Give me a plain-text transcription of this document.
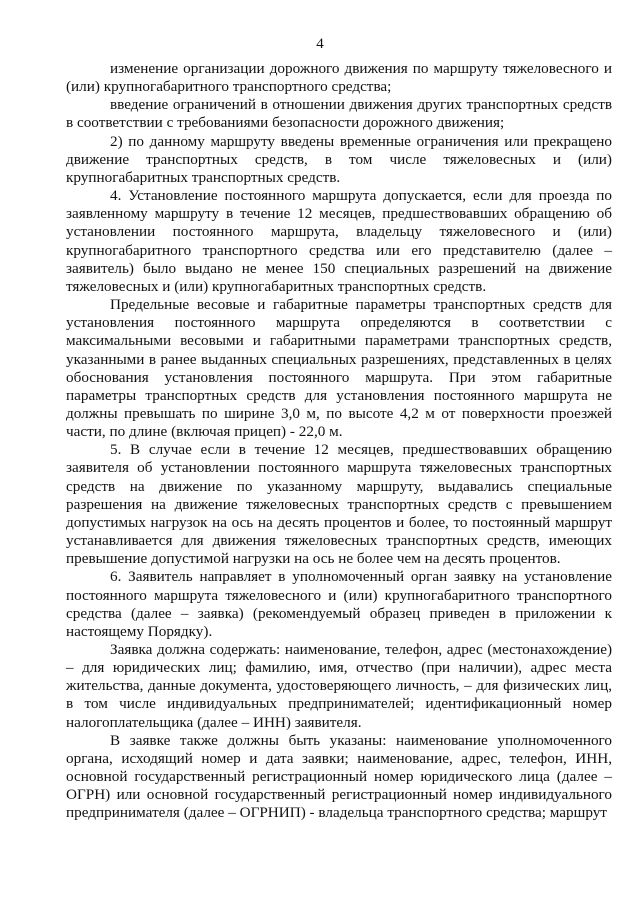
4

изменение организации дорожного движения по маршруту тяжеловесного и (или) крупногабаритного транспортного средства;

введение ограничений в отношении движения других транспортных средств в соответствии с требованиями безопасности дорожного движения;

2) по данному маршруту введены временные ограничения или прекращено движение транспортных средств, в том числе тяжеловесных и (или) крупногабаритных транспортных средств.

4. Установление постоянного маршрута допускается, если для проезда по заявленному маршруту в течение 12 месяцев, предшествовавших обращению об установлении постоянного маршрута, владельцу тяжеловесного и (или) крупногабаритного транспортного средства или его представителю (далее – заявитель) было выдано не менее 150 специальных разрешений на движение тяжеловесных и (или) крупногабаритных транспортных средств.

Предельные весовые и габаритные параметры транспортных средств для установления постоянного маршрута определяются в соответствии с максимальными весовыми и габаритными параметрами транспортных средств, указанными в ранее выданных специальных разрешениях, представленных в целях обоснования установления постоянного маршрута. При этом габаритные параметры транспортных средств для установления постоянного маршрута не должны превышать по ширине 3,0 м, по высоте 4,2 м от поверхности проезжей части, по длине (включая прицеп) - 22,0 м.

5. В случае если в течение 12 месяцев, предшествовавших обращению заявителя об установлении постоянного маршрута тяжеловесных транспортных средств на движение по указанному маршруту, выдавались специальные разрешения на движение тяжеловесных транспортных средств с превышением допустимых нагрузок на ось на десять процентов и более, то постоянный маршрут устанавливается для движения тяжеловесных транспортных средств, имеющих превышение допустимой нагрузки на ось не более чем на десять процентов.

6. Заявитель направляет в уполномоченный орган заявку на установление постоянного маршрута тяжеловесного и (или) крупногабаритного транспортного средства (далее – заявка) (рекомендуемый образец приведен в приложении к настоящему Порядку).

Заявка должна содержать: наименование, телефон, адрес (местонахождение) – для юридических лиц; фамилию, имя, отчество (при наличии), адрес места жительства, данные документа, удостоверяющего личность, – для физических лиц, в том числе индивидуальных предпринимателей; идентификационный номер налогоплательщика (далее – ИНН) заявителя.

В заявке также должны быть указаны: наименование уполномоченного органа, исходящий номер и дата заявки; наименование, адрес, телефон, ИНН, основной государственный регистрационный номер юридического лица (далее – ОГРН) или основной государственный регистрационный номер индивидуального предпринимателя (далее – ОГРНИП) - владельца транспортного средства; маршрут
